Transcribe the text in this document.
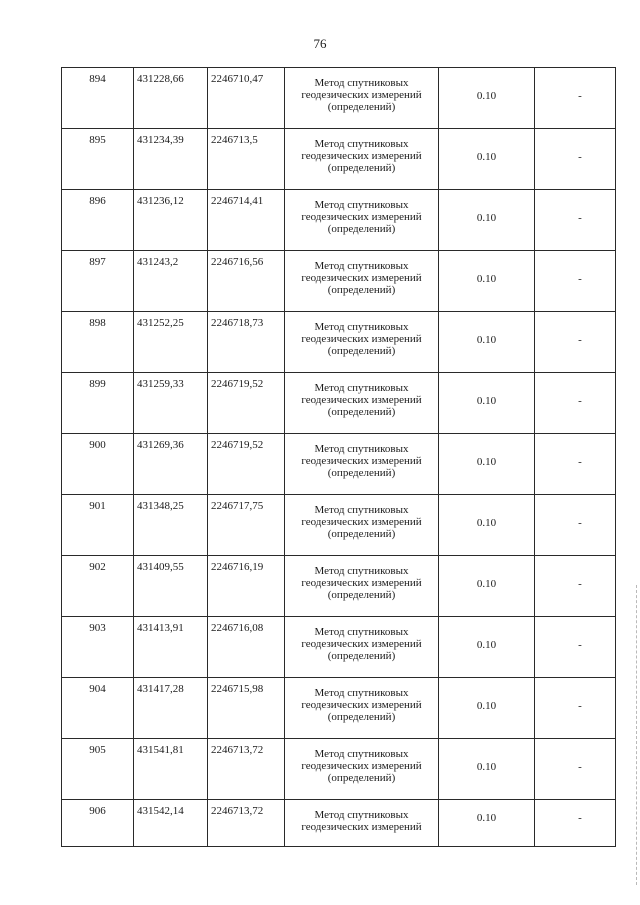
76
894	431228,66	2246710,47	Метод спутниковых геодезических измерений (определений)	0.10	-

895	431234,39	2246713,5	Метод спутниковых геодезических измерений (определений)	0.10	-

896	431236,12	2246714,41	Метод спутниковых геодезических измерений (определений)	0.10	-

897	431243,2	2246716,56	Метод спутниковых геодезических измерений (определений)	0.10	-

898	431252,25	2246718,73	Метод спутниковых геодезических измерений (определений)	0.10	-

899	431259,33	2246719,52	Метод спутниковых геодезических измерений (определений)	0.10	-

900	431269,36	2246719,52	Метод спутниковых геодезических измерений (определений)	0.10	-

901	431348,25	2246717,75	Метод спутниковых геодезических измерений (определений)	0.10	-

902	431409,55	2246716,19	Метод спутниковых геодезических измерений (определений)	0.10	-

903	431413,91	2246716,08	Метод спутниковых геодезических измерений (определений)	0.10	-

904	431417,28	2246715,98	Метод спутниковых геодезических измерений (определений)	0.10	-

905	431541,81	2246713,72	Метод спутниковых геодезических измерений (определений)	0.10	-

906	431542,14	2246713,72	Метод спутниковых геодезических измерений	0.10	-
